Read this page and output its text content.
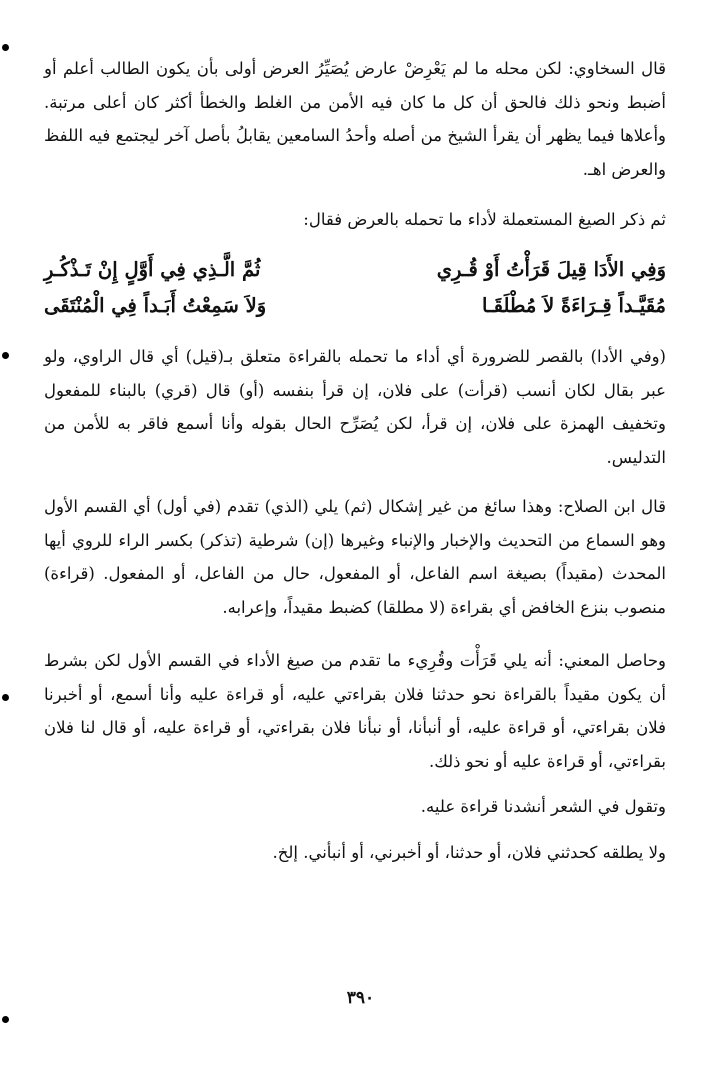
قال السخاوي: لكن محله ما لم يَعْرِضْ عارض يُصَيِّرُ العرض أولى بأن يكون الطالب أعلم أو أضبط ونحو ذلك فالحق أن كل ما كان فيه الأمن من الغلط والخطأ أكثر كان أعلى مرتبة. وأعلاها فيما يظهر أن يقرأ الشيخ من أصله وأحدُ السامعين يقابلُ بأصل آخر ليجتمع فيه اللفظ والعرض اهـ.

ثم ذكر الصيغ المستعملة لأداء ما تحمله بالعرض فقال:

وَفِي الأَدَا قِيلَ قَرَأْتُ أَوْ قُـرِي
ثُمَّ الَّـذِي فِي أَوَّلٍ إِنْ تَـذْكُـرِ
مُقَيَّـداً قِـرَاءَةً لاَ مُطْلَقَـا
وَلاَ سَمِعْتُ أَبَـداً فِي الْمُنْتَقَى

(وفي الأدا) بالقصر للضرورة أي أداء ما تحمله بالقراءة متعلق بـ(قيل) أي قال الراوي، ولو عبر بقال لكان أنسب (قرأت) على فلان، إن قرأ بنفسه (أو) قال (قري) بالبناء للمفعول وتخفيف الهمزة على فلان، إن قرأ، لكن يُصَرِّح الحال بقوله وأنا أسمع فاقر به للأمن من التدليس.

قال ابن الصلاح: وهذا سائغ من غير إشكال (ثم) يلي (الذي) تقدم (في أول) أي القسم الأول وهو السماع من التحديث والإخبار والإنباء وغيرها (إن) شرطية (تذكر) بكسر الراء للروي أيها المحدث (مقيداً) بصيغة اسم الفاعل، أو المفعول، حال من الفاعل، أو المفعول. (قراءة) منصوب بنزع الخافض أي بقراءة (لا مطلقا) كضبط مقيداً، وإعرابه.

وحاصل المعني: أنه يلي قَرَأْت وقُرِيء ما تقدم من صيغ الأداء في القسم الأول لكن بشرط أن يكون مقيداً بالقراءة نحو حدثنا فلان بقراءتي عليه، أو قراءة عليه وأنا أسمع، أو أخبرنا فلان بقراءتي، أو قراءة عليه، أو أنبأنا، أو نبأنا فلان بقراءتي، أو قراءة عليه، أو قال لنا فلان بقراءتي، أو قراءة عليه أو نحو ذلك.

وتقول في الشعر أنشدنا قراءة عليه.

ولا يطلقه كحدثني فلان، أو حدثنا، أو أخبرني، أو أنبأني. إلخ.

٣٩٠
